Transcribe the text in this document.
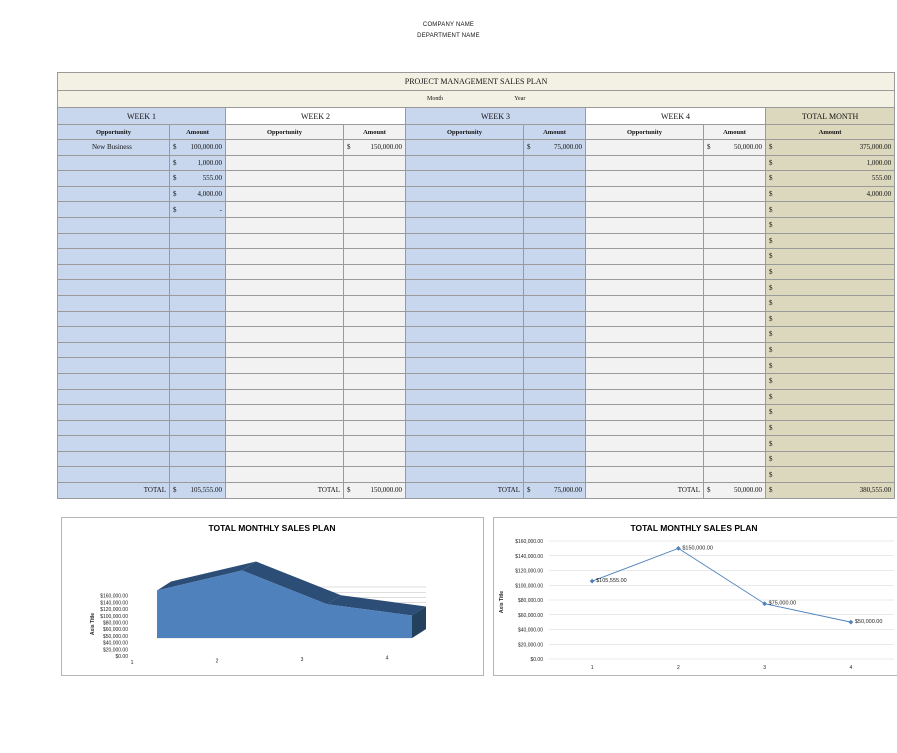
COMPANY NAME
DEPARTMENT NAME
PROJECT MANAGEMENT SALES PLAN								
Month Year								
WEEK 1		WEEK 2		WEEK 3		WEEK 4		TOTAL MONTH
Opportunity	Amount	Opportunity	Amount	Opportunity	Amount	Opportunity	Amount	Amount
New Business	$ 100,000.00		$ 150,000.00		$ 75,000.00		$ 50,000.00	$ 375,000.00

	$ 1,000.00							$ 1,000.00

	$ 555.00							$ 555.00

	$ 4,000.00							$ 4,000.00

	$ -							$

								$

								$

								$

								$

								$

								$

								$

								$

								$

								$

								$

								$

								$

								$

								$

								$

								$

TOTAL	$ 105,555.00	TOTAL	$ 150,000.00	TOTAL	$ 75,000.00	TOTAL	$ 50,000.00	$ 380,555.00
TOTAL MONTHLY SALES PLAN
$0.00
$20,000.00
$40,000.00
$50,000.00
$60,000.00
$80,000.00
$100,000.00
$120,000.00
$140,000.00
$160,000.00
Axis Title
1	2	3	4
TOTAL MONTHLY SALES PLAN
$0.00
$20,000.00
$40,000.00
$60,000.00
$80,000.00
$100,000.00
$120,000.00
$140,000.00
$160,000.00
Axis Title
$105,555.00
1
$150,000.00
2
$75,000.00
3
$50,000.00
4
